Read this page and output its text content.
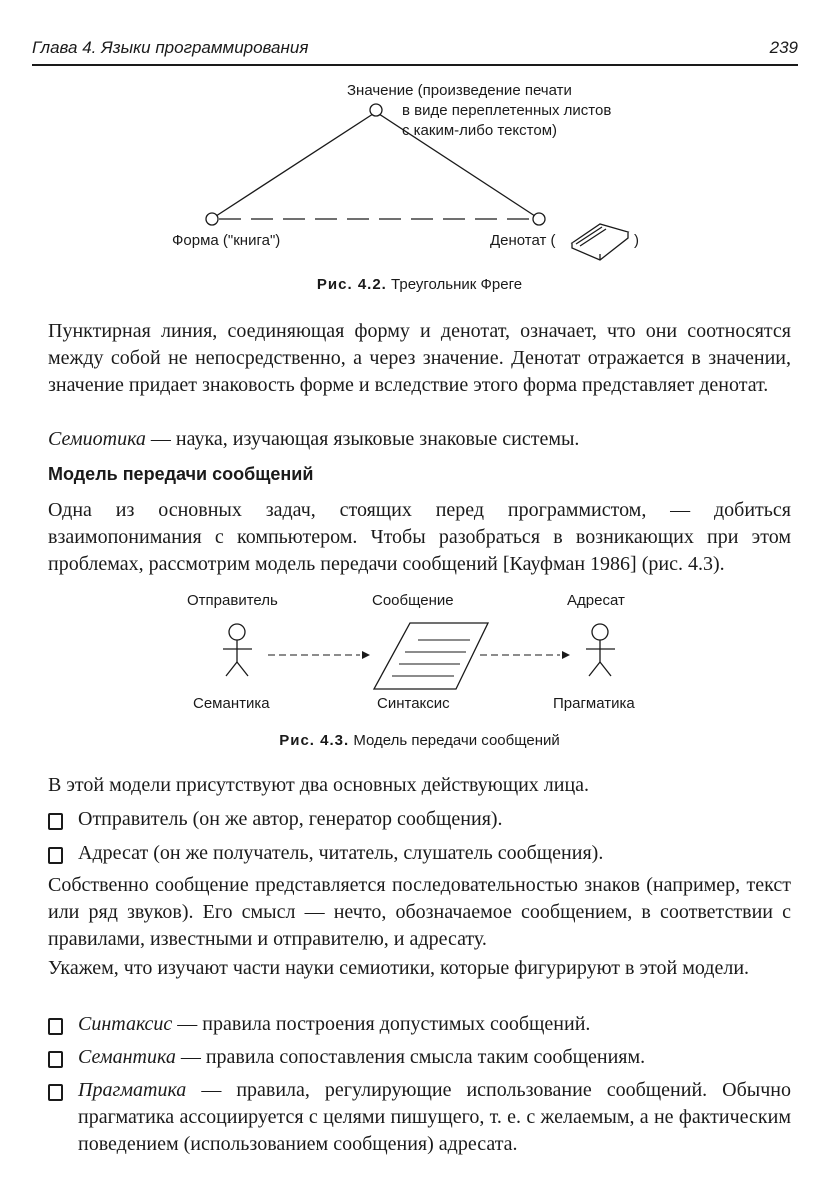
Глава 4. Языки программирования	239
Значение (произведение печати
в виде переплетенных листов
с каким-либо текстом)
Форма ("книга")	Денотат (	)
Рис. 4.2. Треугольник Фреге
Пунктирная линия, соединяющая форму и денотат, означает, что они соотносятся между собой не непосредственно, а через значение. Денотат отражается в значении, значение придает знаковость форме и вследствие этого форма представляет денотат.
Семиотика — наука, изучающая языковые знаковые системы.
Модель передачи сообщений
Одна из основных задач, стоящих перед программистом, — добиться взаимопонимания с компьютером. Чтобы разобраться в возникающих при этом проблемах, рассмотрим модель передачи сообщений [Кауфман 1986] (рис. 4.3).
Отправитель	Сообщение	Адресат
Семантика	Синтаксис	Прагматика
Рис. 4.3. Модель передачи сообщений
В этой модели присутствуют два основных действующих лица.
Отправитель (он же автор, генератор сообщения).
Адресат (он же получатель, читатель, слушатель сообщения).
Собственно сообщение представляется последовательностью знаков (например, текст или ряд звуков). Его смысл — нечто, обозначаемое сообщением, в соответствии с правилами, известными и отправителю, и адресату.
Укажем, что изучают части науки семиотики, которые фигурируют в этой модели.
Синтаксис — правила построения допустимых сообщений.
Семантика — правила сопоставления смысла таким сообщениям.
Прагматика — правила, регулирующие использование сообщений. Обычно прагматика ассоциируется с целями пишущего, т. е. с желаемым, а не фактическим поведением (использованием сообщения) адресата.
